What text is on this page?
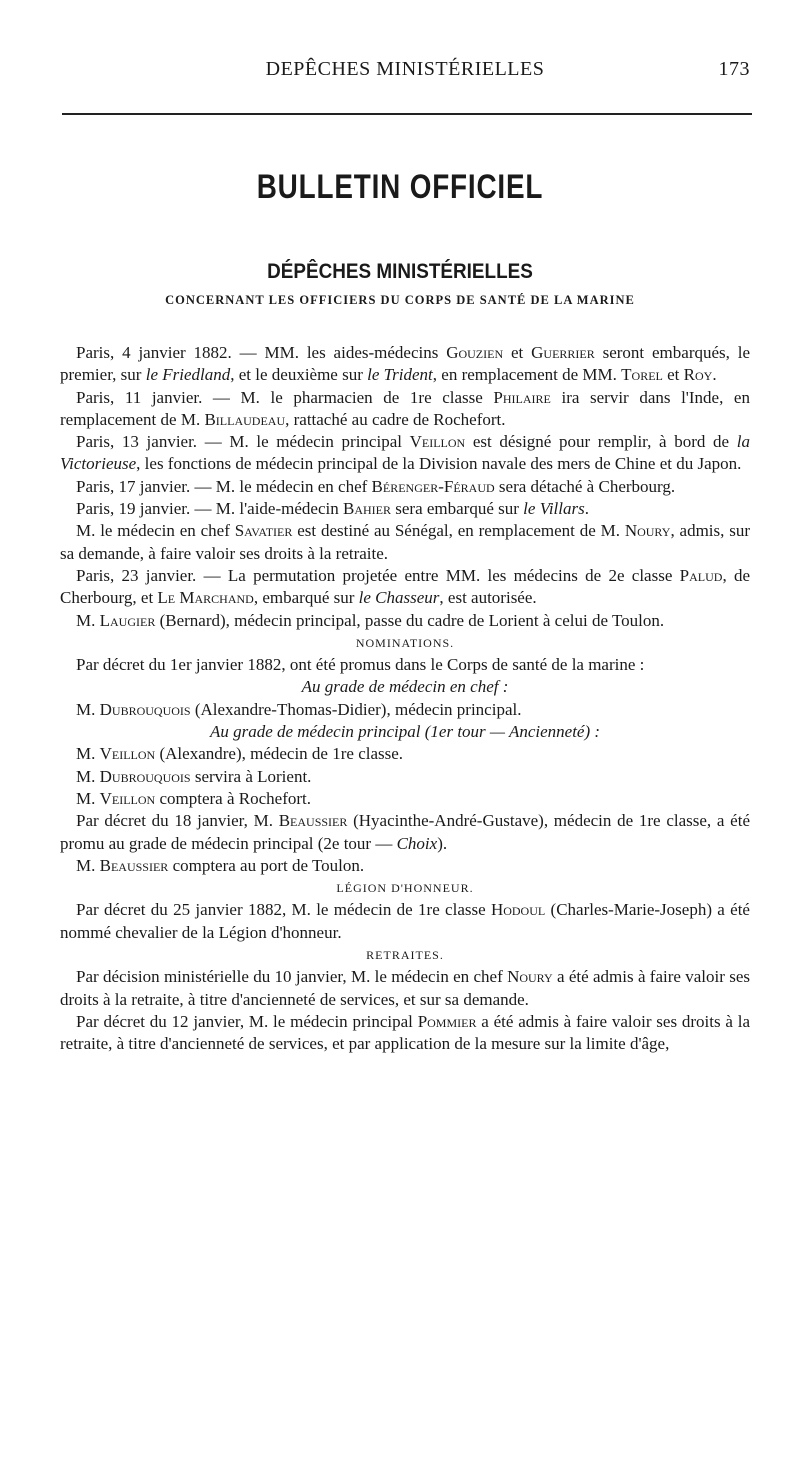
DEPÊCHES MINISTÉRIELLES	173
BULLETIN OFFICIEL
DÉPÊCHES MINISTÉRIELLES
CONCERNANT LES OFFICIERS DU CORPS DE SANTÉ DE LA MARINE

Paris, 4 janvier 1882. — MM. les aides-médecins Gouzien et Guerrier seront embarqués, le premier, sur le Friedland, et le deuxième sur le Trident, en remplacement de MM. Torel et Roy.

Paris, 11 janvier. — M. le pharmacien de 1re classe Philaire ira servir dans l'Inde, en remplacement de M. Billaudeau, rattaché au cadre de Rochefort.

Paris, 13 janvier. — M. le médecin principal Veillon est désigné pour remplir, à bord de la Victorieuse, les fonctions de médecin principal de la Division navale des mers de Chine et du Japon.

Paris, 17 janvier. — M. le médecin en chef Bérenger-Féraud sera détaché à Cherbourg.

Paris, 19 janvier. — M. l'aide-médecin Bahier sera embarqué sur le Villars.

M. le médecin en chef Savatier est destiné au Sénégal, en remplacement de M. Noury, admis, sur sa demande, à faire valoir ses droits à la retraite.

Paris, 23 janvier. — La permutation projetée entre MM. les médecins de 2e classe Palud, de Cherbourg, et Le Marchand, embarqué sur le Chasseur, est autorisée.

M. Laugier (Bernard), médecin principal, passe du cadre de Lorient à celui de Toulon.

NOMINATIONS.

Par décret du 1er janvier 1882, ont été promus dans le Corps de santé de la marine :

Au grade de médecin en chef :

M. Dubrouquois (Alexandre-Thomas-Didier), médecin principal.

Au grade de médecin principal (1er tour — Ancienneté) :

M. Veillon (Alexandre), médecin de 1re classe.

M. Dubrouquois servira à Lorient.

M. Veillon comptera à Rochefort.

Par décret du 18 janvier, M. Beaussier (Hyacinthe-André-Gustave), médecin de 1re classe, a été promu au grade de médecin principal (2e tour — Choix).

M. Beaussier comptera au port de Toulon.

LÉGION D'HONNEUR.

Par décret du 25 janvier 1882, M. le médecin de 1re classe Hodoul (Charles-Marie-Joseph) a été nommé chevalier de la Légion d'honneur.

RETRAITES.

Par décision ministérielle du 10 janvier, M. le médecin en chef Noury a été admis à faire valoir ses droits à la retraite, à titre d'ancienneté de services, et sur sa demande.

Par décret du 12 janvier, M. le médecin principal Pommier a été admis à faire valoir ses droits à la retraite, à titre d'ancienneté de services, et par application de la mesure sur la limite d'âge,
